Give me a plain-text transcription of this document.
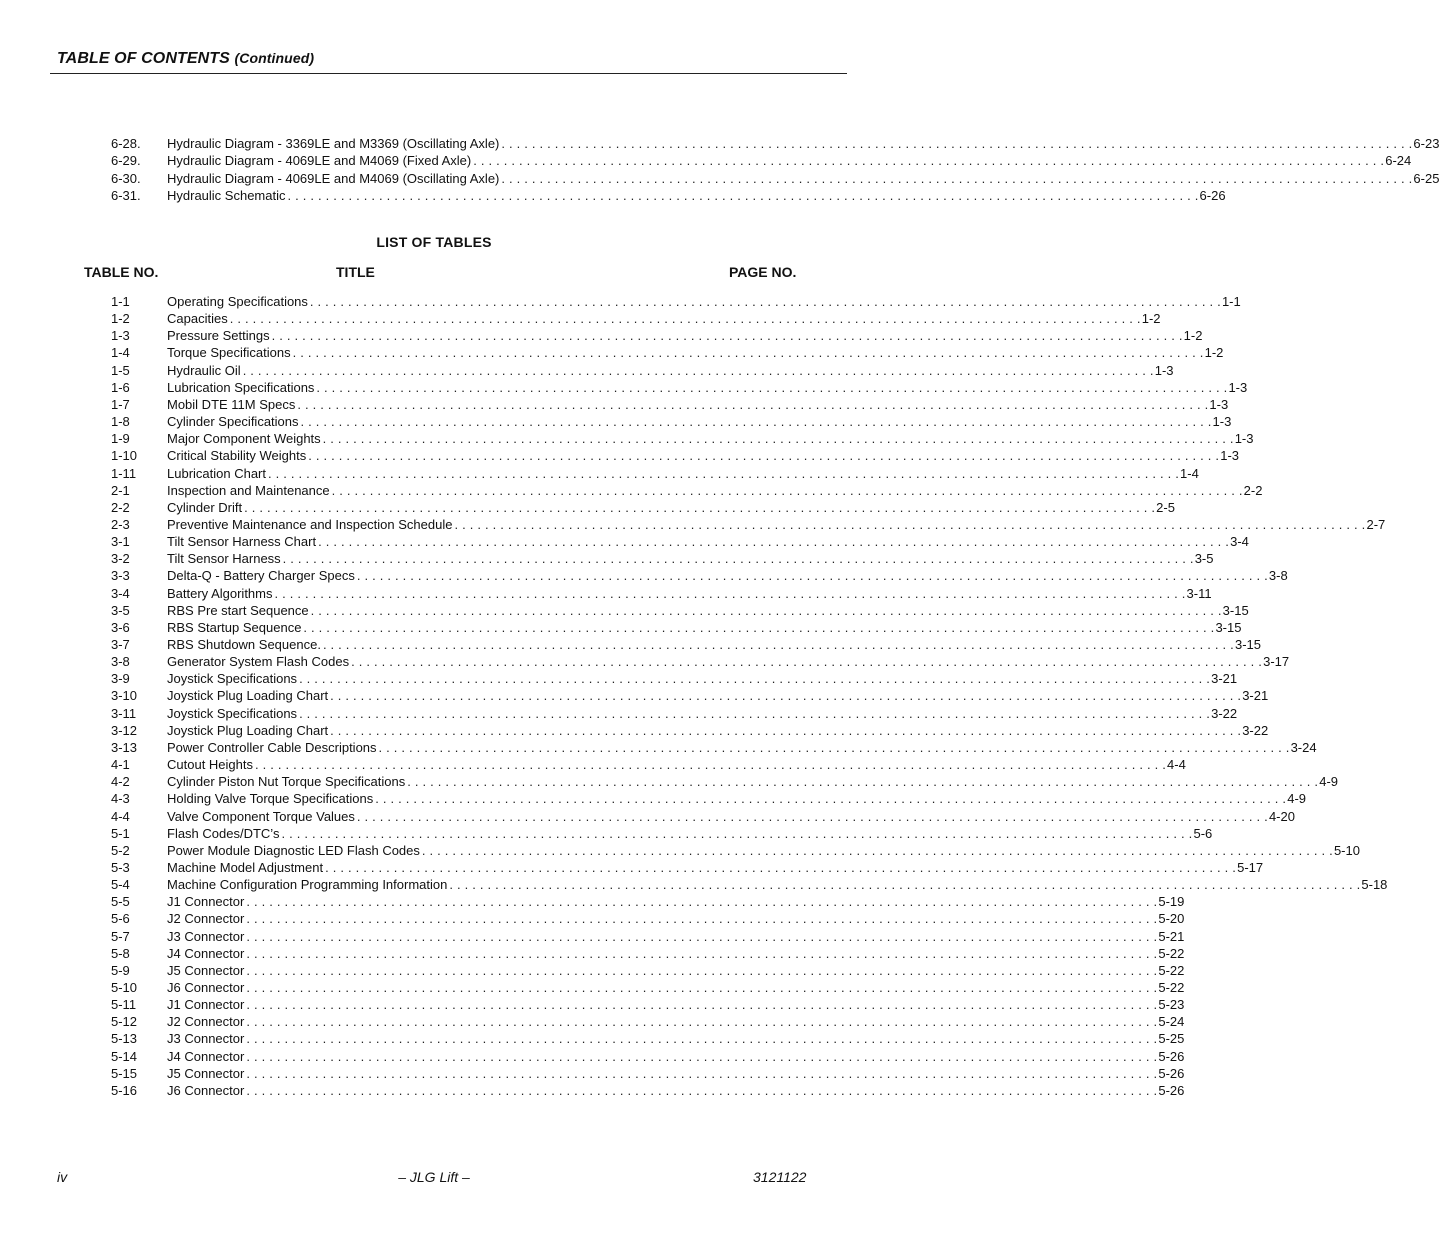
TABLE OF CONTENTS (Continued)
6-28. Hydraulic Diagram - 3369LE and M3369 (Oscillating Axle) . . . . . . . . . . . . . . . . . . . . . . . . . . . . . . . . . . . . . . . . . . . . . . . . . . . . . . . . . . . . . . . . . . . . . . . . . . . . . . . . . . . . . . . . . . . . . . . . . . . . . . . . . . . . . . . . . . . . . . . . 6-23
6-29. Hydraulic Diagram - 4069LE and M4069 (Fixed Axle) . . . . . . . . . . . . . . . . . . . . . . . . . . . . . . . . . . . . . . . . . . . . . . . . . . . . . . . . . . . . . . . . . . . . . . . . . . . . . . . . . . . . . . . . . . . . . . . . . . . . . . . . . . . . . . . . . . . . . . . . 6-24
6-30. Hydraulic Diagram - 4069LE and M4069 (Oscillating Axle) . . . . . . . . . . . . . . . . . . . . . . . . . . . . . . . . . . . . . . . . . . . . . . . . . . . . . . . . . . . . . . . . . . . . . . . . . . . . . . . . . . . . . . . . . . . . . . . . . . . . . . . . . . . . . . . . . . . . . . . . 6-25
6-31. Hydraulic Schematic . . . . . . . . . . . . . . . . . . . . . . . . . . . . . . . . . . . . . . . . . . . . . . . . . . . . . . . . . . . . . . . . . . . . . . . . . . . . . . . . . . . . . . . . . . . . . . . . . . . . . . . . . . . . . . . . . . . . . . . . 6-26
LIST OF TABLES
TABLE NO.	TITLE	PAGE NO.
1-1	Operating Specifications . . . . . . . . . . . . . . . . . . . . . . . . . . . . . . . . . . . . . . . . . . . . . . . . . . . . . . . . . . . . . . . . . . . . . . . . . . . . . . . . . . . . . . . . . . . . . . . . . . . . . . . . . . . . . . . . . . . . . . . . 1-1
1-2	Capacities . . . . . . . . . . . . . . . . . . . . . . . . . . . . . . . . . . . . . . . . . . . . . . . . . . . . . . . . . . . . . . . . . . . . . . . . . . . . . . . . . . . . . . . . . . . . . . . . . . . . . . . . . . . . . . . . . . . . . . . . 1-2
1-3	Pressure Settings . . . . . . . . . . . . . . . . . . . . . . . . . . . . . . . . . . . . . . . . . . . . . . . . . . . . . . . . . . . . . . . . . . . . . . . . . . . . . . . . . . . . . . . . . . . . . . . . . . . . . . . . . . . . . . . . . . . . . . . . 1-2
1-4	Torque Specifications . . . . . . . . . . . . . . . . . . . . . . . . . . . . . . . . . . . . . . . . . . . . . . . . . . . . . . . . . . . . . . . . . . . . . . . . . . . . . . . . . . . . . . . . . . . . . . . . . . . . . . . . . . . . . . . . . . . . . . . . 1-2
1-5	Hydraulic Oil . . . . . . . . . . . . . . . . . . . . . . . . . . . . . . . . . . . . . . . . . . . . . . . . . . . . . . . . . . . . . . . . . . . . . . . . . . . . . . . . . . . . . . . . . . . . . . . . . . . . . . . . . . . . . . . . . . . . . . . . 1-3
1-6	Lubrication Specifications . . . . . . . . . . . . . . . . . . . . . . . . . . . . . . . . . . . . . . . . . . . . . . . . . . . . . . . . . . . . . . . . . . . . . . . . . . . . . . . . . . . . . . . . . . . . . . . . . . . . . . . . . . . . . . . . . . . . . . . . 1-3
1-7	Mobil DTE 11M Specs . . . . . . . . . . . . . . . . . . . . . . . . . . . . . . . . . . . . . . . . . . . . . . . . . . . . . . . . . . . . . . . . . . . . . . . . . . . . . . . . . . . . . . . . . . . . . . . . . . . . . . . . . . . . . . . . . . . . . . . . 1-3
1-8	Cylinder Specifications . . . . . . . . . . . . . . . . . . . . . . . . . . . . . . . . . . . . . . . . . . . . . . . . . . . . . . . . . . . . . . . . . . . . . . . . . . . . . . . . . . . . . . . . . . . . . . . . . . . . . . . . . . . . . . . . . . . . . . . . 1-3
1-9	Major Component Weights . . . . . . . . . . . . . . . . . . . . . . . . . . . . . . . . . . . . . . . . . . . . . . . . . . . . . . . . . . . . . . . . . . . . . . . . . . . . . . . . . . . . . . . . . . . . . . . . . . . . . . . . . . . . . . . . . . . . . . . . 1-3
1-10 Critical Stability Weights . . . . . . . . . . . . . . . . . . . . . . . . . . . . . . . . . . . . . . . . . . . . . . . . . . . . . . . . . . . . . . . . . . . . . . . . . . . . . . . . . . . . . . . . . . . . . . . . . . . . . . . . . . . . . . . . . . . . . . . . 1-3
1-11 Lubrication Chart . . . . . . . . . . . . . . . . . . . . . . . . . . . . . . . . . . . . . . . . . . . . . . . . . . . . . . . . . . . . . . . . . . . . . . . . . . . . . . . . . . . . . . . . . . . . . . . . . . . . . . . . . . . . . . . . . . . . . . . . 1-4
2-1	Inspection and Maintenance . . . . . . . . . . . . . . . . . . . . . . . . . . . . . . . . . . . . . . . . . . . . . . . . . . . . . . . . . . . . . . . . . . . . . . . . . . . . . . . . . . . . . . . . . . . . . . . . . . . . . . . . . . . . . . . . . . . . . . . . 2-2
2-2	Cylinder Drift . . . . . . . . . . . . . . . . . . . . . . . . . . . . . . . . . . . . . . . . . . . . . . . . . . . . . . . . . . . . . . . . . . . . . . . . . . . . . . . . . . . . . . . . . . . . . . . . . . . . . . . . . . . . . . . . . . . . . . . . 2-5
2-3	Preventive Maintenance and Inspection Schedule . . . . . . . . . . . . . . . . . . . . . . . . . . . . . . . . . . . . . . . . . . . . . . . . . . . . . . . . . . . . . . . . . . . . . . . . . . . . . . . . . . . . . . . . . . . . . . . . . . . . . . . . . . . . . . . . . . . . . . . . 2-7
3-1	Tilt Sensor Harness Chart . . . . . . . . . . . . . . . . . . . . . . . . . . . . . . . . . . . . . . . . . . . . . . . . . . . . . . . . . . . . . . . . . . . . . . . . . . . . . . . . . . . . . . . . . . . . . . . . . . . . . . . . . . . . . . . . . . . . . . . . 3-4
3-2	Tilt Sensor Harness . . . . . . . . . . . . . . . . . . . . . . . . . . . . . . . . . . . . . . . . . . . . . . . . . . . . . . . . . . . . . . . . . . . . . . . . . . . . . . . . . . . . . . . . . . . . . . . . . . . . . . . . . . . . . . . . . . . . . . . . 3-5
3-3	Delta-Q - Battery Charger Specs . . . . . . . . . . . . . . . . . . . . . . . . . . . . . . . . . . . . . . . . . . . . . . . . . . . . . . . . . . . . . . . . . . . . . . . . . . . . . . . . . . . . . . . . . . . . . . . . . . . . . . . . . . . . . . . . . . . . . . . . 3-8
3-4	Battery Algorithms . . . . . . . . . . . . . . . . . . . . . . . . . . . . . . . . . . . . . . . . . . . . . . . . . . . . . . . . . . . . . . . . . . . . . . . . . . . . . . . . . . . . . . . . . . . . . . . . . . . . . . . . . . . . . . . . . . . . . . . . 3-11
3-5	RBS Pre start Sequence . . . . . . . . . . . . . . . . . . . . . . . . . . . . . . . . . . . . . . . . . . . . . . . . . . . . . . . . . . . . . . . . . . . . . . . . . . . . . . . . . . . . . . . . . . . . . . . . . . . . . . . . . . . . . . . . . . . . . . . . 3-15
3-6	RBS Startup Sequence . . . . . . . . . . . . . . . . . . . . . . . . . . . . . . . . . . . . . . . . . . . . . . . . . . . . . . . . . . . . . . . . . . . . . . . . . . . . . . . . . . . . . . . . . . . . . . . . . . . . . . . . . . . . . . . . . . . . . . . . 3-15
3-7	RBS Shutdown Sequence. . . . . . . . . . . . . . . . . . . . . . . . . . . . . . . . . . . . . . . . . . . . . . . . . . . . . . . . . . . . . . . . . . . . . . . . . . . . . . . . . . . . . . . . . . . . . . . . . . . . . . . . . . . . . . . . . . . . . . . . . 3-15
3-8	Generator System Flash Codes . . . . . . . . . . . . . . . . . . . . . . . . . . . . . . . . . . . . . . . . . . . . . . . . . . . . . . . . . . . . . . . . . . . . . . . . . . . . . . . . . . . . . . . . . . . . . . . . . . . . . . . . . . . . . . . . . . . . . . . . 3-17
3-9	Joystick Specifications . . . . . . . . . . . . . . . . . . . . . . . . . . . . . . . . . . . . . . . . . . . . . . . . . . . . . . . . . . . . . . . . . . . . . . . . . . . . . . . . . . . . . . . . . . . . . . . . . . . . . . . . . . . . . . . . . . . . . . . . 3-21
3-10 Joystick Plug Loading Chart . . . . . . . . . . . . . . . . . . . . . . . . . . . . . . . . . . . . . . . . . . . . . . . . . . . . . . . . . . . . . . . . . . . . . . . . . . . . . . . . . . . . . . . . . . . . . . . . . . . . . . . . . . . . . . . . . . . . . . . . 3-21
3-11 Joystick Specifications . . . . . . . . . . . . . . . . . . . . . . . . . . . . . . . . . . . . . . . . . . . . . . . . . . . . . . . . . . . . . . . . . . . . . . . . . . . . . . . . . . . . . . . . . . . . . . . . . . . . . . . . . . . . . . . . . . . . . . . . 3-22
3-12 Joystick Plug Loading Chart . . . . . . . . . . . . . . . . . . . . . . . . . . . . . . . . . . . . . . . . . . . . . . . . . . . . . . . . . . . . . . . . . . . . . . . . . . . . . . . . . . . . . . . . . . . . . . . . . . . . . . . . . . . . . . . . . . . . . . . . 3-22
3-13 Power Controller Cable Descriptions . . . . . . . . . . . . . . . . . . . . . . . . . . . . . . . . . . . . . . . . . . . . . . . . . . . . . . . . . . . . . . . . . . . . . . . . . . . . . . . . . . . . . . . . . . . . . . . . . . . . . . . . . . . . . . . . . . . . . . . . 3-24
4-1	Cutout Heights . . . . . . . . . . . . . . . . . . . . . . . . . . . . . . . . . . . . . . . . . . . . . . . . . . . . . . . . . . . . . . . . . . . . . . . . . . . . . . . . . . . . . . . . . . . . . . . . . . . . . . . . . . . . . . . . . . . . . . . . 4-4
4-2	Cylinder Piston Nut Torque Specifications . . . . . . . . . . . . . . . . . . . . . . . . . . . . . . . . . . . . . . . . . . . . . . . . . . . . . . . . . . . . . . . . . . . . . . . . . . . . . . . . . . . . . . . . . . . . . . . . . . . . . . . . . . . . . . . . . . . . . . . . 4-9
4-3	Holding Valve Torque Specifications . . . . . . . . . . . . . . . . . . . . . . . . . . . . . . . . . . . . . . . . . . . . . . . . . . . . . . . . . . . . . . . . . . . . . . . . . . . . . . . . . . . . . . . . . . . . . . . . . . . . . . . . . . . . . . . . . . . . . . . . 4-9
4-4	Valve Component Torque Values . . . . . . . . . . . . . . . . . . . . . . . . . . . . . . . . . . . . . . . . . . . . . . . . . . . . . . . . . . . . . . . . . . . . . . . . . . . . . . . . . . . . . . . . . . . . . . . . . . . . . . . . . . . . . . . . . . . . . . . . 4-20
5-1	Flash Codes/DTC’s . . . . . . . . . . . . . . . . . . . . . . . . . . . . . . . . . . . . . . . . . . . . . . . . . . . . . . . . . . . . . . . . . . . . . . . . . . . . . . . . . . . . . . . . . . . . . . . . . . . . . . . . . . . . . . . . . . . . . . . . 5-6
5-2	Power Module Diagnostic LED Flash Codes . . . . . . . . . . . . . . . . . . . . . . . . . . . . . . . . . . . . . . . . . . . . . . . . . . . . . . . . . . . . . . . . . . . . . . . . . . . . . . . . . . . . . . . . . . . . . . . . . . . . . . . . . . . . . . . . . . . . . . . . 5-10
5-3	Machine Model Adjustment . . . . . . . . . . . . . . . . . . . . . . . . . . . . . . . . . . . . . . . . . . . . . . . . . . . . . . . . . . . . . . . . . . . . . . . . . . . . . . . . . . . . . . . . . . . . . . . . . . . . . . . . . . . . . . . . . . . . . . . . 5-17
5-4	Machine Configuration Programming Information . . . . . . . . . . . . . . . . . . . . . . . . . . . . . . . . . . . . . . . . . . . . . . . . . . . . . . . . . . . . . . . . . . . . . . . . . . . . . . . . . . . . . . . . . . . . . . . . . . . . . . . . . . . . . . . . . . . . . . . . 5-18
5-5	J1 Connector . . . . . . . . . . . . . . . . . . . . . . . . . . . . . . . . . . . . . . . . . . . . . . . . . . . . . . . . . . . . . . . . . . . . . . . . . . . . . . . . . . . . . . . . . . . . . . . . . . . . . . . . . . . . . . . . . . . . . . . . 5-19
5-6	J2 Connector . . . . . . . . . . . . . . . . . . . . . . . . . . . . . . . . . . . . . . . . . . . . . . . . . . . . . . . . . . . . . . . . . . . . . . . . . . . . . . . . . . . . . . . . . . . . . . . . . . . . . . . . . . . . . . . . . . . . . . . . 5-20
5-7	J3 Connector . . . . . . . . . . . . . . . . . . . . . . . . . . . . . . . . . . . . . . . . . . . . . . . . . . . . . . . . . . . . . . . . . . . . . . . . . . . . . . . . . . . . . . . . . . . . . . . . . . . . . . . . . . . . . . . . . . . . . . . . 5-21
5-8	J4 Connector . . . . . . . . . . . . . . . . . . . . . . . . . . . . . . . . . . . . . . . . . . . . . . . . . . . . . . . . . . . . . . . . . . . . . . . . . . . . . . . . . . . . . . . . . . . . . . . . . . . . . . . . . . . . . . . . . . . . . . . . 5-22
5-9	J5 Connector . . . . . . . . . . . . . . . . . . . . . . . . . . . . . . . . . . . . . . . . . . . . . . . . . . . . . . . . . . . . . . . . . . . . . . . . . . . . . . . . . . . . . . . . . . . . . . . . . . . . . . . . . . . . . . . . . . . . . . . . 5-22
5-10 J6 Connector . . . . . . . . . . . . . . . . . . . . . . . . . . . . . . . . . . . . . . . . . . . . . . . . . . . . . . . . . . . . . . . . . . . . . . . . . . . . . . . . . . . . . . . . . . . . . . . . . . . . . . . . . . . . . . . . . . . . . . . . 5-22
5-11 J1 Connector . . . . . . . . . . . . . . . . . . . . . . . . . . . . . . . . . . . . . . . . . . . . . . . . . . . . . . . . . . . . . . . . . . . . . . . . . . . . . . . . . . . . . . . . . . . . . . . . . . . . . . . . . . . . . . . . . . . . . . . . 5-23
5-12 J2 Connector . . . . . . . . . . . . . . . . . . . . . . . . . . . . . . . . . . . . . . . . . . . . . . . . . . . . . . . . . . . . . . . . . . . . . . . . . . . . . . . . . . . . . . . . . . . . . . . . . . . . . . . . . . . . . . . . . . . . . . . . 5-24
5-13 J3 Connector . . . . . . . . . . . . . . . . . . . . . . . . . . . . . . . . . . . . . . . . . . . . . . . . . . . . . . . . . . . . . . . . . . . . . . . . . . . . . . . . . . . . . . . . . . . . . . . . . . . . . . . . . . . . . . . . . . . . . . . . 5-25
5-14 J4 Connector . . . . . . . . . . . . . . . . . . . . . . . . . . . . . . . . . . . . . . . . . . . . . . . . . . . . . . . . . . . . . . . . . . . . . . . . . . . . . . . . . . . . . . . . . . . . . . . . . . . . . . . . . . . . . . . . . . . . . . . . 5-26
5-15 J5 Connector . . . . . . . . . . . . . . . . . . . . . . . . . . . . . . . . . . . . . . . . . . . . . . . . . . . . . . . . . . . . . . . . . . . . . . . . . . . . . . . . . . . . . . . . . . . . . . . . . . . . . . . . . . . . . . . . . . . . . . . . 5-26
5-16 J6 Connector . . . . . . . . . . . . . . . . . . . . . . . . . . . . . . . . . . . . . . . . . . . . . . . . . . . . . . . . . . . . . . . . . . . . . . . . . . . . . . . . . . . . . . . . . . . . . . . . . . . . . . . . . . . . . . . . . . . . . . . . 5-26
iv	– JLG Lift –	3121122
